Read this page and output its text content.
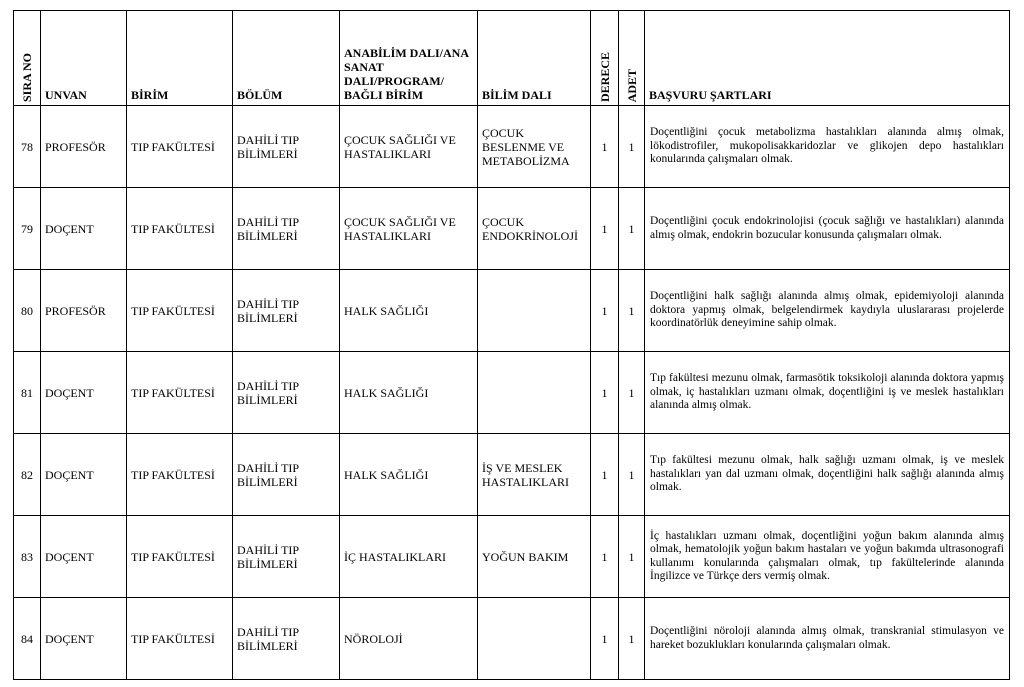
SIRA NO	UNVAN	BİRİM	BÖLÜM	ANABİLİM DALI/ANA SANAT DALI/PROGRAM/ BAĞLI BİRİM	BİLİM DALI	DERECE	ADET	BAŞVURU ŞARTLARI
78	PROFESÖR	TIP FAKÜLTESİ	DAHİLİ TIP BİLİMLERİ	ÇOCUK SAĞLIĞI VE HASTALIKLARI	ÇOCUK BESLENME VE METABOLİZMA	1	1	Doçentliğini çocuk metabolizma hastalıkları alanında almış olmak, lökodistrofiler, mukopolisakkaridozlar ve glikojen depo hastalıkları konularında çalışmaları olmak.
79	DOÇENT	TIP FAKÜLTESİ	DAHİLİ TIP BİLİMLERİ	ÇOCUK SAĞLIĞI VE HASTALIKLARI	ÇOCUK ENDOKRİNOLOJİ	1	1	Doçentliğini çocuk endokrinolojisi (çocuk sağlığı ve hastalıkları) alanında almış olmak, endokrin bozucular konusunda çalışmaları olmak.
80	PROFESÖR	TIP FAKÜLTESİ	DAHİLİ TIP BİLİMLERİ	HALK SAĞLIĞI		1	1	Doçentliğini halk sağlığı alanında almış olmak, epidemiyoloji alanında doktora yapmış olmak, belgelendirmek kaydıyla uluslararası projelerde koordinatörlük deneyimine sahip olmak.
81	DOÇENT	TIP FAKÜLTESİ	DAHİLİ TIP BİLİMLERİ	HALK SAĞLIĞI		1	1	Tıp fakültesi mezunu olmak, farmasötik toksikoloji alanında doktora yapmış olmak, iç hastalıkları uzmanı olmak, doçentliğini iş ve meslek hastalıkları alanında almış olmak.
82	DOÇENT	TIP FAKÜLTESİ	DAHİLİ TIP BİLİMLERİ	HALK SAĞLIĞI	İŞ VE MESLEK HASTALIKLARI	1	1	Tıp fakültesi mezunu olmak, halk sağlığı uzmanı olmak, iş ve meslek hastalıkları yan dal uzmanı olmak, doçentliğini halk sağlığı alanında almış olmak.
83	DOÇENT	TIP FAKÜLTESİ	DAHİLİ TIP BİLİMLERİ	İÇ HASTALIKLARI	YOĞUN BAKIM	1	1	İç hastalıkları uzmanı olmak, doçentliğini yoğun bakım alanında almış olmak, hematolojik yoğun bakım hastaları ve yoğun bakımda ultrasonografi kullanımı konularında çalışmaları olmak, tıp fakültelerinde alanında İngilizce ve Türkçe ders vermiş olmak.
84	DOÇENT	TIP FAKÜLTESİ	DAHİLİ TIP BİLİMLERİ	NÖROLOJİ		1	1	Doçentliğini nöroloji alanında almış olmak, transkranial stimulasyon ve hareket bozuklukları konularında çalışmaları olmak.
